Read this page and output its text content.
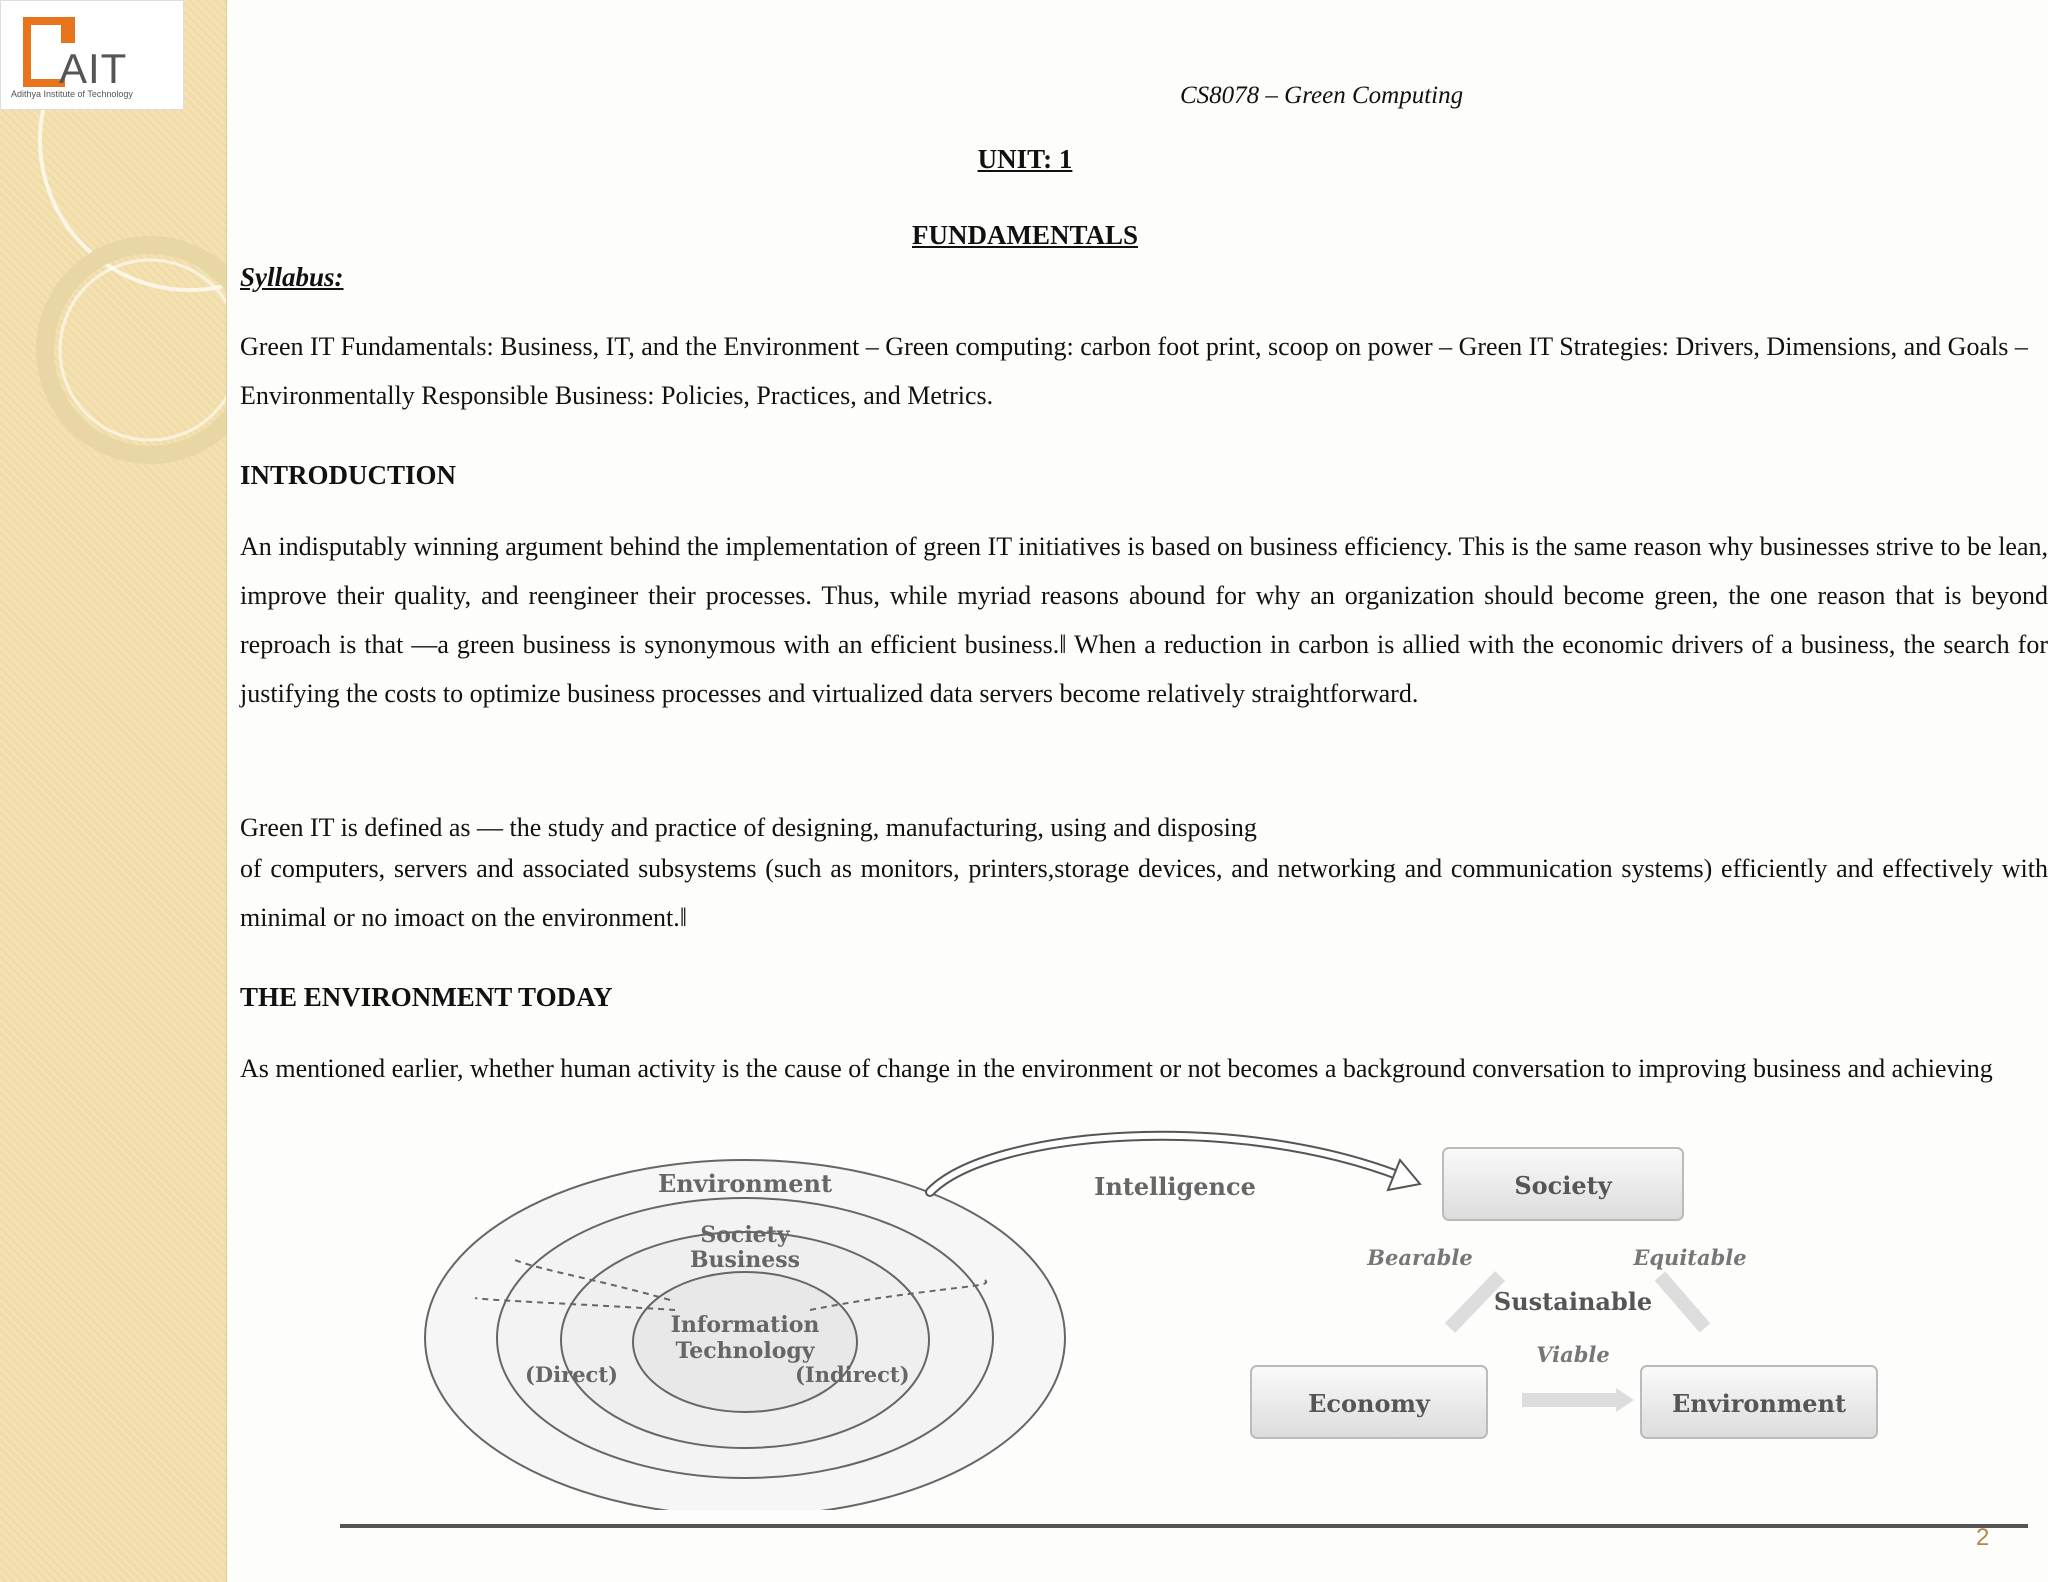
AIT
Adithya Institute of Technology	CS8078 – Green Computing
UNIT: 1
FUNDAMENTALS
Syllabus:
Green IT Fundamentals: Business, IT, and the Environment – Green computing: carbon foot print, scoop on power – Green IT Strategies: Drivers, Dimensions, and Goals – Environmentally Responsible Business: Policies, Practices, and Metrics.
INTRODUCTION
An indisputably winning argument behind the implementation of green IT initiatives is based on business efficiency. This is the same reason why businesses strive to be lean, improve their quality, and reengineer their processes. Thus, while myriad reasons abound for why an organization should become green, the one reason that is beyond reproach is that ―a green business is synonymous with an efficient business.‖ When a reduction in carbon is allied with the economic drivers of a business, the search for justifying the costs to optimize business processes and virtualized data servers become relatively straightforward.
Green IT is defined as ― the study and practice of designing, manufacturing, using and disposing
of computers, servers and associated subsystems (such as monitors, printers,storage devices, and networking and communication systems) efficiently and effectively with minimal or no imoact on the environment.‖
THE ENVIRONMENT TODAY
As mentioned earlier, whether human activity is the cause of change in the environment or not becomes a background conversation to improving business and achieving
Environment
Society
Business
Information
Technology
(Direct)	(Indirect)
Intelligence	Society
Economy	Environment
Bearable	Equitable
Sustainable
Viable
2
